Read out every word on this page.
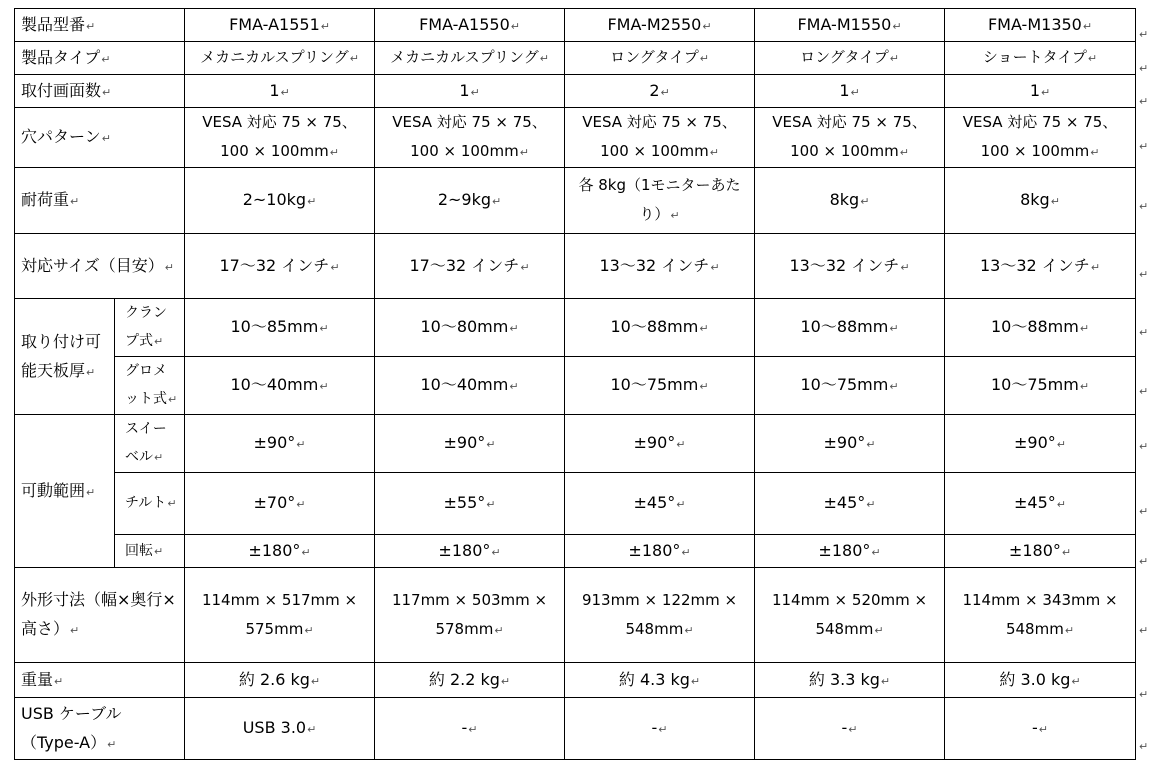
製品型番↵		FMA-A1551↵	FMA-A1550↵	FMA-M2550↵	FMA-M1550↵	FMA-M1350↵
製品タイプ↵		メカニカルスプリング↵	メカニカルスプリング↵	ロングタイプ↵	ロングタイプ↵	ショートタイプ↵
取付画面数↵		1↵	1↵	2↵	1↵	1↵
穴パターン↵		VESA 対応 75 × 75、100 × 100mm↵	VESA 対応 75 × 75、100 × 100mm↵	VESA 対応 75 × 75、100 × 100mm↵	VESA 対応 75 × 75、100 × 100mm↵	VESA 対応 75 × 75、100 × 100mm↵
耐荷重↵		2~10kg↵	2~9kg↵	各 8kg（1モニターあたり）↵	8kg↵	8kg↵
対応サイズ（目安）↵		17～32 インチ↵	17～32 インチ↵	13～32 インチ↵	13～32 インチ↵	13～32 インチ↵
取り付け可能天板厚↵	クランプ式↵	10～85mm↵	10～80mm↵	10～88mm↵	10～88mm↵	10～88mm↵
	グロメット式↵	10～40mm↵	10～40mm↵	10～75mm↵	10～75mm↵	10～75mm↵
可動範囲↵	スイーベル↵	±90°↵	±90°↵	±90°↵	±90°↵	±90°↵
	チルト↵	±70°↵	±55°↵	±45°↵	±45°↵	±45°↵
	回転↵	±180°↵	±180°↵	±180°↵	±180°↵	±180°↵
外形寸法（幅×奥行×高さ）↵		114mm × 517mm × 575mm↵	117mm × 503mm × 578mm↵	913mm × 122mm × 548mm↵	114mm × 520mm × 548mm↵	114mm × 343mm × 548mm↵
重量↵		約 2.6 kg↵	約 2.2 kg↵	約 4.3 kg↵	約 3.3 kg↵	約 3.0 kg↵
USB ケーブル（Type-A）↵		USB 3.0↵	-↵	-↵	-↵	-↵
↵
↵
↵
↵
↵
↵
↵
↵
↵
↵
↵
↵
↵
↵
